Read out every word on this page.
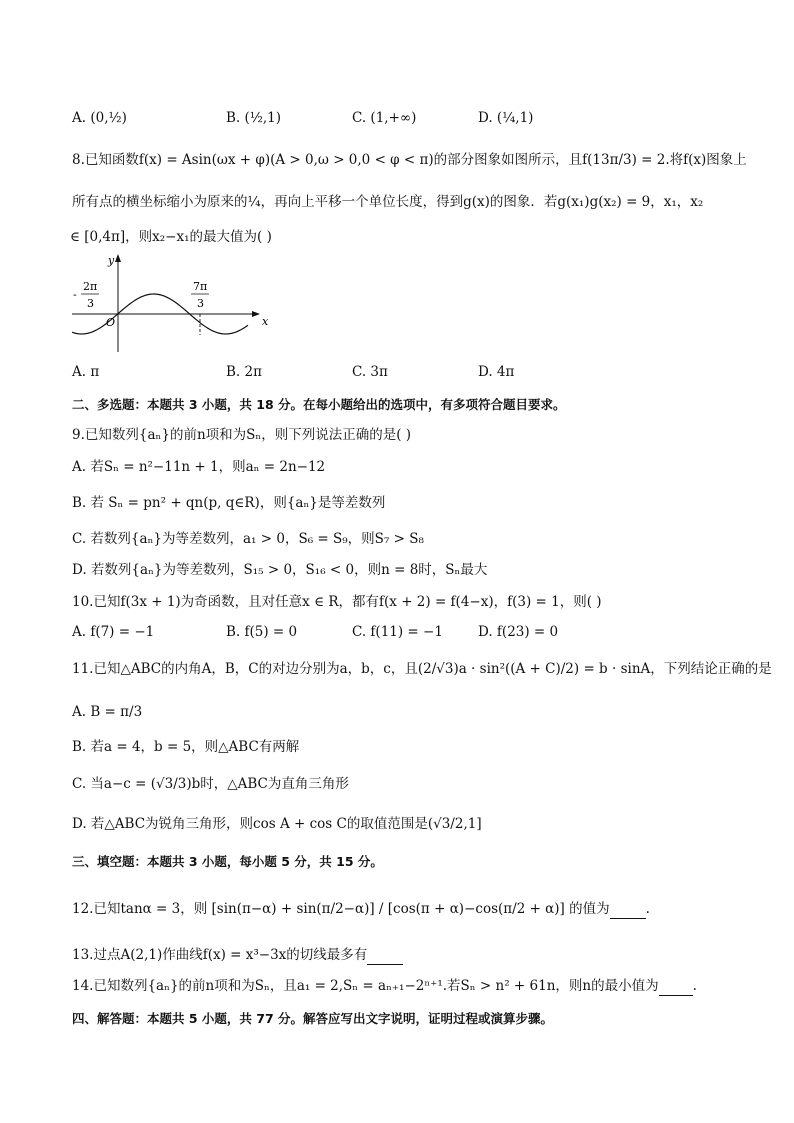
A. (0,½)	B. (½,1)	C. (1,+∞)	D. (¼,1)
8.已知函数f(x) = Asin(ωx + φ)(A > 0,ω > 0,0 < φ < π)的部分图象如图所示，且f(13π/3) = 2.将f(x)图象上
所有点的横坐标缩小为原来的¼，再向上平移一个单位长度，得到g(x)的图象．若g(x₁)g(x₂) = 9，x₁，x₂
∈ [0,4π]，则x₂−x₁的最大值为( )
x
y
O
-
2π
3
7π
3
A. π	B. 2π	C. 3π	D. 4π
二、多选题：本题共 3 小题，共 18 分。在每小题给出的选项中，有多项符合题目要求。
9.已知数列{aₙ}的前n项和为Sₙ，则下列说法正确的是( )
A. 若Sₙ = n²−11n + 1，则aₙ = 2n−12
B. 若 Sₙ = pn² + qn(p, q∈R)，则{aₙ}是等差数列
C. 若数列{aₙ}为等差数列，a₁ > 0，S₆ = S₉，则S₇ > S₈
D. 若数列{aₙ}为等差数列，S₁₅ > 0，S₁₆ < 0，则n = 8时，Sₙ最大
10.已知f(3x + 1)为奇函数，且对任意x ∈ R，都有f(x + 2) = f(4−x)，f(3) = 1，则( )
A. f(7) = −1	B. f(5) = 0	C. f(11) = −1	D. f(23) = 0
11.已知△ABC的内角A，B，C的对边分别为a，b，c，且(2/√3)a · sin²((A + C)/2) = b · sinA，下列结论正确的是
A. B = π/3
B. 若a = 4，b = 5，则△ABC有两解
C. 当a−c = (√3/3)b时，△ABC为直角三角形
D. 若△ABC为锐角三角形，则cos A + cos C的取值范围是(√3/2,1]
三、填空题：本题共 3 小题，每小题 5 分，共 15 分。
12.已知tanα = 3，则 [sin(π−α) + sin(π/2−α)] / [cos(π + α)−cos(π/2 + α)] 的值为	.
13.过点A(2,1)作曲线f(x) = x³−3x的切线最多有
14.已知数列{aₙ}的前n项和为Sₙ，且a₁ = 2,Sₙ = aₙ₊₁−2ⁿ⁺¹.若Sₙ > n² + 61n，则n的最小值为	.
四、解答题：本题共 5 小题，共 77 分。解答应写出文字说明，证明过程或演算步骤。
